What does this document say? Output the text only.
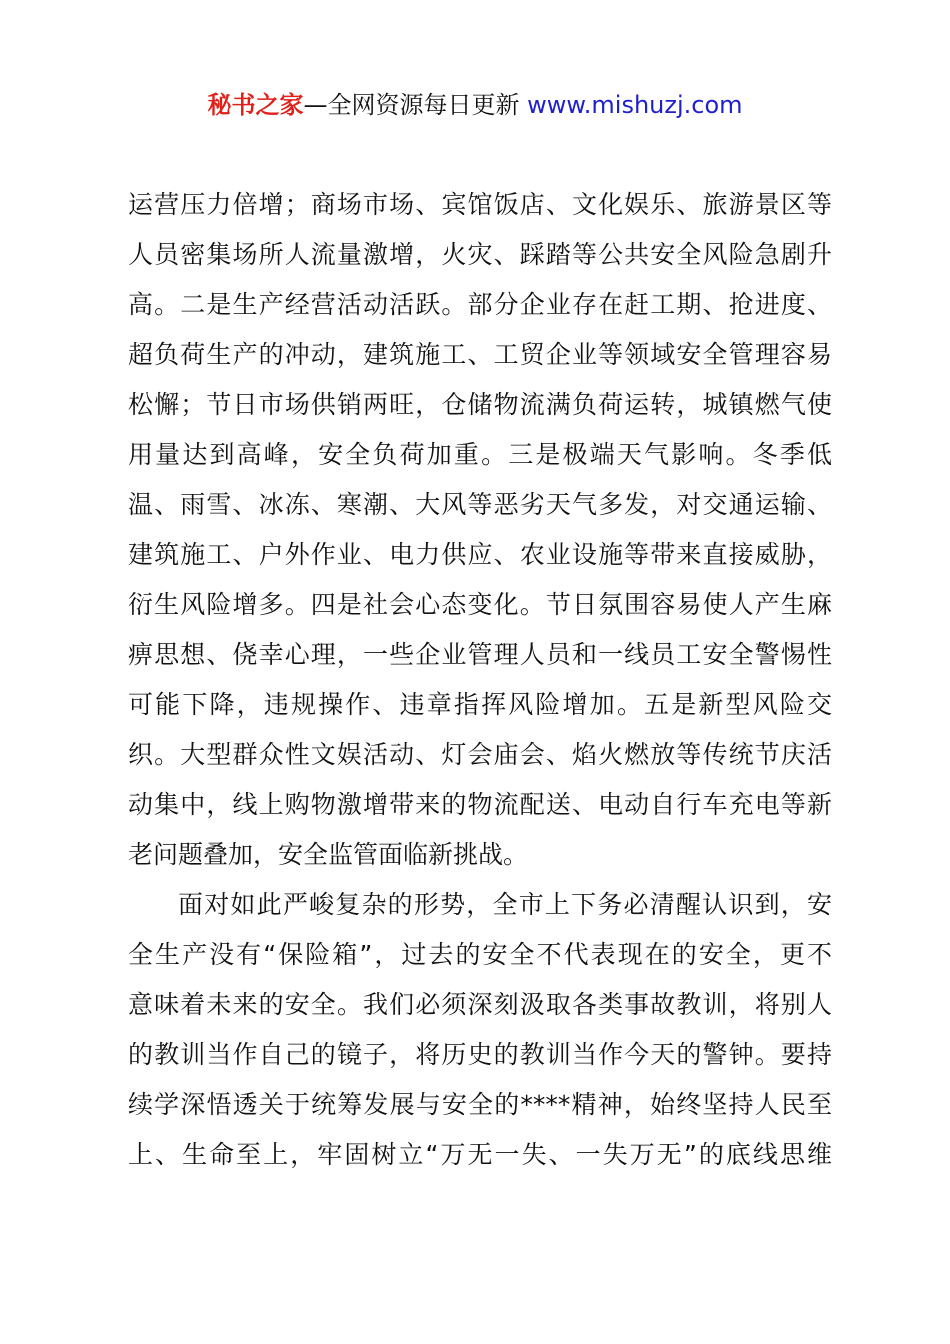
秘书之家—全网资源每日更新 www.mishuzj.com

运营压力倍增；商场市场、宾馆饭店、文化娱乐、旅游景区等
人员密集场所人流量激增，火灾、踩踏等公共安全风险急剧升
高。二是生产经营活动活跃。部分企业存在赶工期、抢进度、
超负荷生产的冲动，建筑施工、工贸企业等领域安全管理容易
松懈；节日市场供销两旺，仓储物流满负荷运转，城镇燃气使
用量达到高峰，安全负荷加重。三是极端天气影响。冬季低
温、雨雪、冰冻、寒潮、大风等恶劣天气多发，对交通运输、
建筑施工、户外作业、电力供应、农业设施等带来直接威胁，
衍生风险增多。四是社会心态变化。节日氛围容易使人产生麻
痹思想、侥幸心理，一些企业管理人员和一线员工安全警惕性
可能下降，违规操作、违章指挥风险增加。五是新型风险交
织。大型群众性文娱活动、灯会庙会、焰火燃放等传统节庆活
动集中，线上购物激增带来的物流配送、电动自行车充电等新
老问题叠加，安全监管面临新挑战。

面对如此严峻复杂的形势，全市上下务必清醒认识到，安
全生产没有“保险箱”，过去的安全不代表现在的安全，更不
意味着未来的安全。我们必须深刻汲取各类事故教训，将别人
的教训当作自己的镜子，将历史的教训当作今天的警钟。要持
续学深悟透关于统筹发展与安全的****精神，始终坚持人民至
上、生命至上，牢固树立“万无一失、一失万无”的底线思维
